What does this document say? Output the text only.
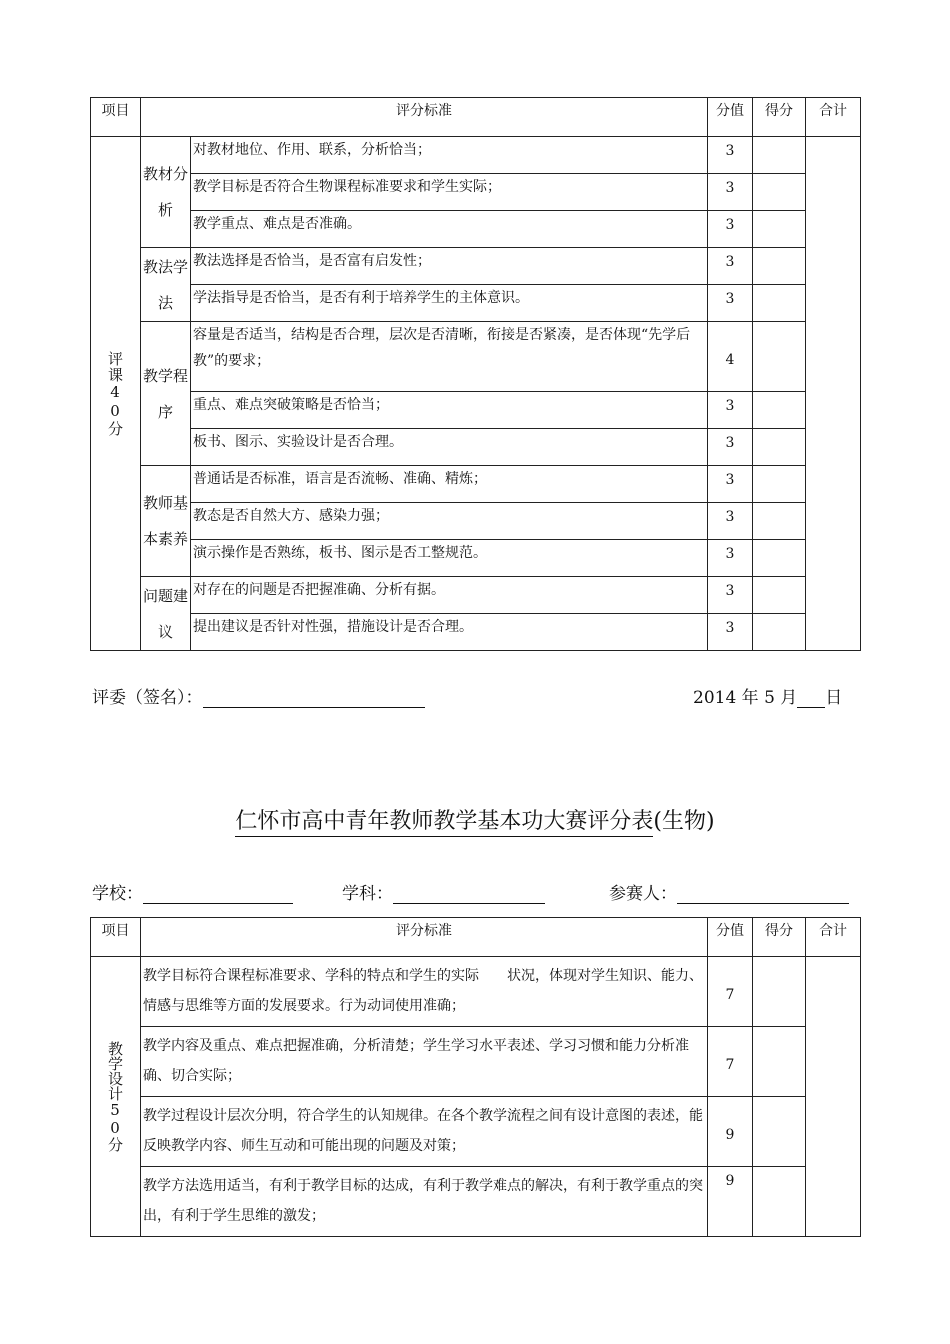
项目	评分标准		分值	得分	合计

评课40分	教材分析	对教材地位、作用、联系，分析恰当；	3		
		教学目标是否符合生物课程标准要求和学生实际；	3		
		教学重点、难点是否准确。	3		
	教法学法	教法选择是否恰当，是否富有启发性；	3		
		学法指导是否恰当，是否有利于培养学生的主体意识。	3		
	教学程序	容量是否适当，结构是否合理，层次是否清晰，衔接是否紧凑，是否体现“先学后教”的要求；	4		
		重点、难点突破策略是否恰当；	3		
		板书、图示、实验设计是否合理。	3		
	教师基本素养	普通话是否标准，语言是否流畅、准确、精炼；	3		
		教态是否自然大方、感染力强；	3		
		演示操作是否熟练，板书、图示是否工整规范。	3		
	问题建议	对存在的问题是否把握准确、分析有据。	3		
		提出建议是否针对性强，措施设计是否合理。	3		
评委（签名）：	2014 年 5 月 日
仁怀市高中青年教师教学基本功大赛评分表(生物)
学校：	学科：	参赛人：
项目	评分标准	分值	得分	合计

教学设计50分	教学目标符合课程标准要求、学科的特点和学生的实际　　状况，体现对学生知识、能力、情感与思维等方面的发展要求。行为动词使用准确；	7		
	教学内容及重点、难点把握准确，分析清楚；学生学习水平表述、学习习惯和能力分析准确、切合实际；	7		
	教学过程设计层次分明，符合学生的认知规律。在各个教学流程之间有设计意图的表述，能反映教学内容、师生互动和可能出现的问题及对策；	9		
	教学方法选用适当，有利于教学目标的达成，有利于教学难点的解决，有利于教学重点的突出，有利于学生思维的激发；	9		
